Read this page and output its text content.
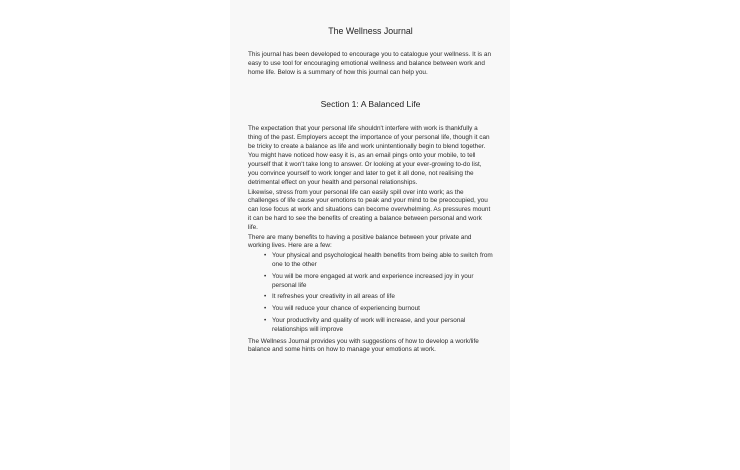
The Wellness Journal

This journal has been developed to encourage you to catalogue your wellness. It is an easy to use tool for encouraging emotional wellness and balance between work and home life. Below is a summary of how this journal can help you.

Section 1: A Balanced Life

The expectation that your personal life shouldn't interfere with work is thankfully a thing of the past. Employers accept the importance of your personal life, though it can be tricky to create a balance as life and work unintentionally begin to blend together.

You might have noticed how easy it is, as an email pings onto your mobile, to tell yourself that it won't take long to answer. Or looking at your ever-growing to-do list, you convince yourself to work longer and later to get it all done, not realising the detrimental effect on your health and personal relationships.

Likewise, stress from your personal life can easily spill over into work; as the challenges of life cause your emotions to peak and your mind to be preoccupied, you can lose focus at work and situations can become overwhelming. As pressures mount it can be hard to see the benefits of creating a balance between personal and work life.

There are many benefits to having a positive balance between your private and working lives. Here are a few:

• Your physical and psychological health benefits from being able to switch from one to the other
• You will be more engaged at work and experience increased joy in your personal life
• It refreshes your creativity in all areas of life
• You will reduce your chance of experiencing burnout
• Your productivity and quality of work will increase, and your personal relationships will improve

The Wellness Journal provides you with suggestions of how to develop a work/life balance and some hints on how to manage your emotions at work.
